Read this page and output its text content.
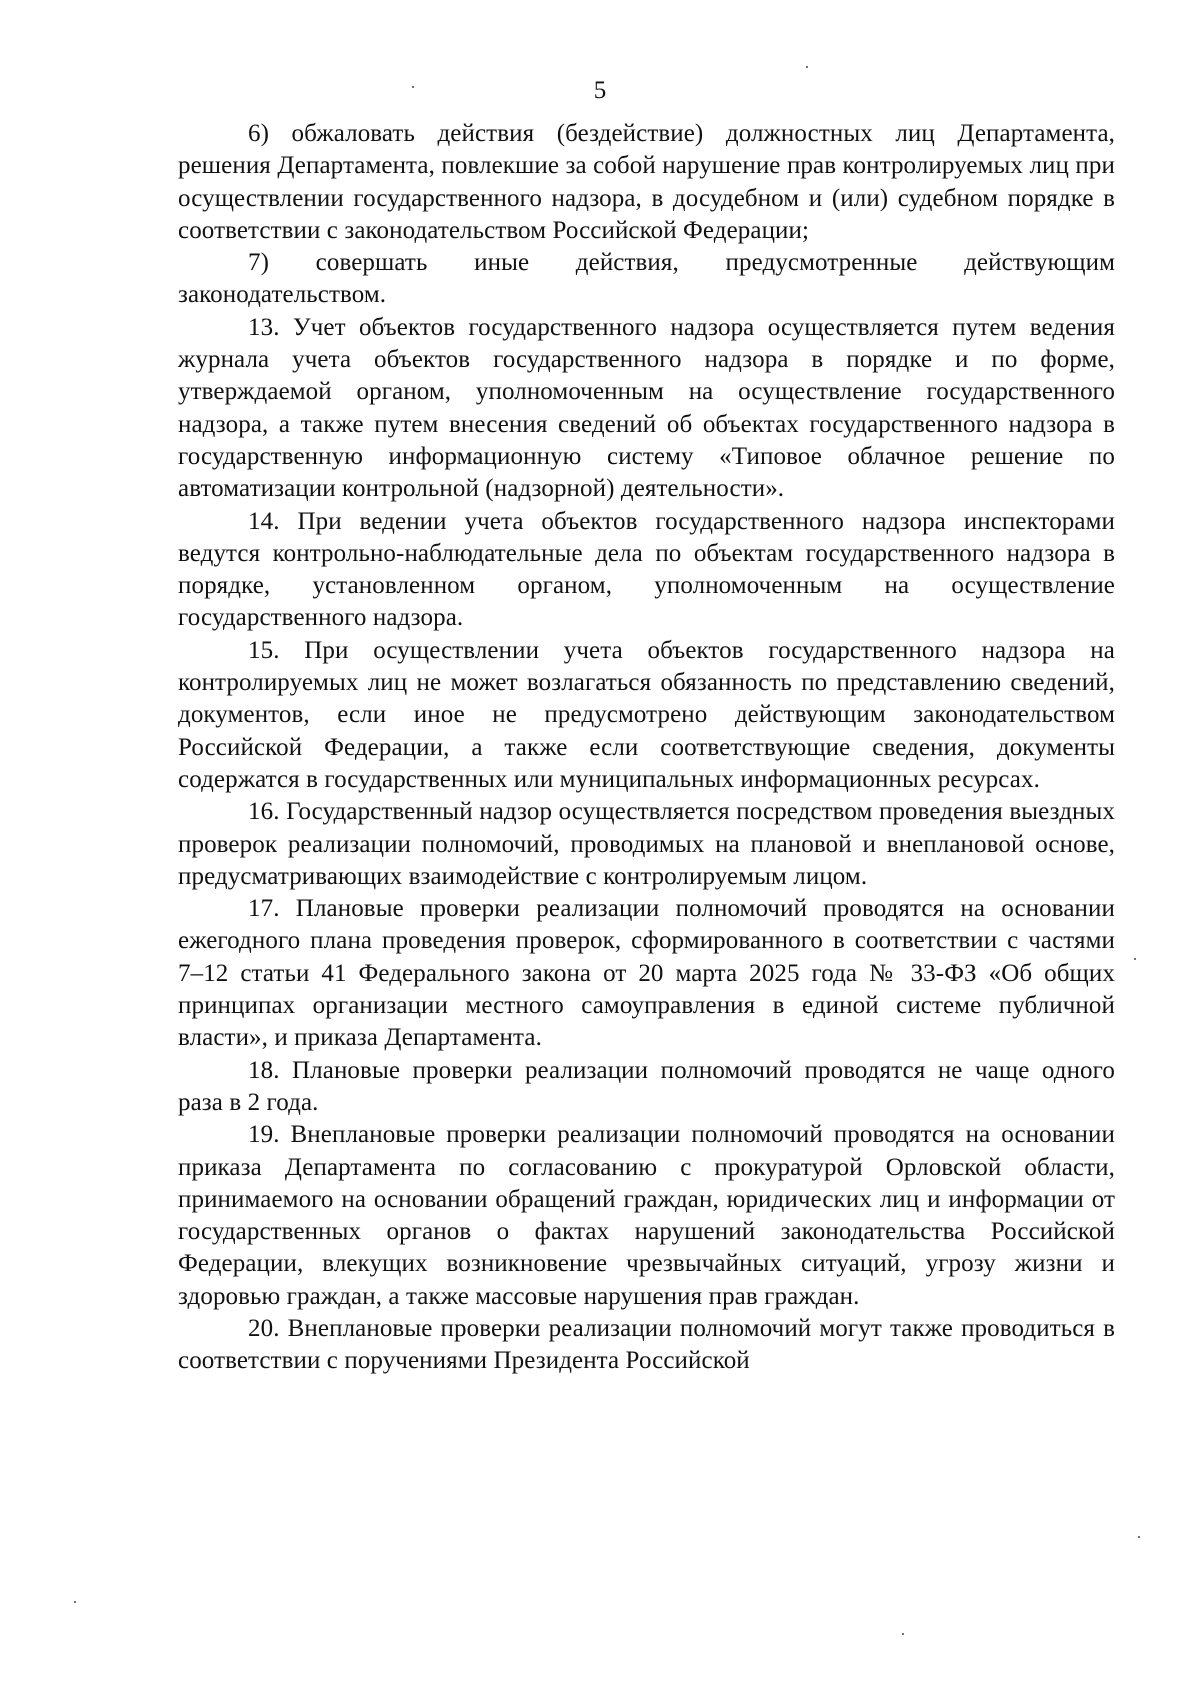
5

6) обжаловать действия (бездействие) должностных лиц Департамента, решения Департамента, повлекшие за собой нарушение прав контролируемых лиц при осуществлении государственного надзора, в досудебном и (или) судебном порядке в соответствии с законодательством Российской Федерации;

7) совершать иные действия, предусмотренные действующим законодательством.

13. Учет объектов государственного надзора осуществляется путем ведения журнала учета объектов государственного надзора в порядке и по форме, утверждаемой органом, уполномоченным на осуществление государственного надзора, а также путем внесения сведений об объектах государственного надзора в государственную информационную систему «Типовое облачное решение по автоматизации контрольной (надзорной) деятельности».

14. При ведении учета объектов государственного надзора инспекторами ведутся контрольно-наблюдательные дела по объектам государственного надзора в порядке, установленном органом, уполномоченным на осуществление государственного надзора.

15. При осуществлении учета объектов государственного надзора на контролируемых лиц не может возлагаться обязанность по представлению сведений, документов, если иное не предусмотрено действующим законодательством Российской Федерации, а также если соответствующие сведения, документы содержатся в государственных или муниципальных информационных ресурсах.

16. Государственный надзор осуществляется посредством проведения выездных проверок реализации полномочий, проводимых на плановой и внеплановой основе, предусматривающих взаимодействие с контролируемым лицом.

17. Плановые проверки реализации полномочий проводятся на основании ежегодного плана проведения проверок, сформированного в соответствии с частями 7–12 статьи 41 Федерального закона от 20 марта 2025 года № 33-ФЗ «Об общих принципах организации местного самоуправления в единой системе публичной власти», и приказа Департамента.

18. Плановые проверки реализации полномочий проводятся не чаще одного раза в 2 года.

19. Внеплановые проверки реализации полномочий проводятся на основании приказа Департамента по согласованию с прокуратурой Орловской области, принимаемого на основании обращений граждан, юридических лиц и информации от государственных органов о фактах нарушений законодательства Российской Федерации, влекущих возникновение чрезвычайных ситуаций, угрозу жизни и здоровью граждан, а также массовые нарушения прав граждан.

20. Внеплановые проверки реализации полномочий могут также проводиться в соответствии с поручениями Президента Российской
